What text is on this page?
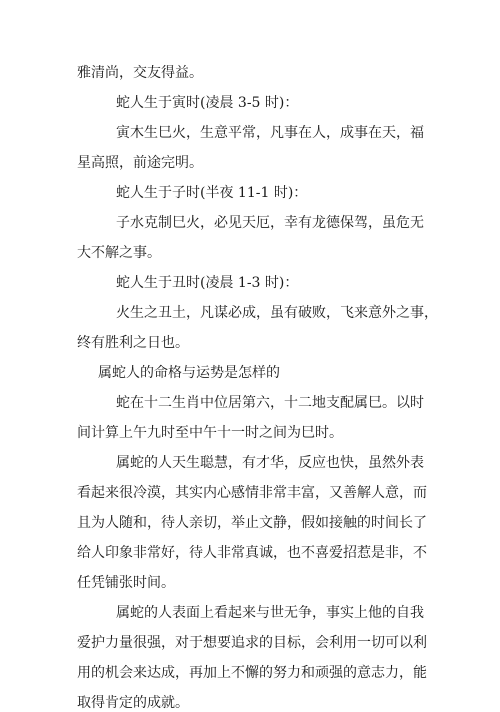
雅清尚，交友得益。
蛇人生于寅时(凌晨 3-5 时)：
寅木生巳火，生意平常，凡事在人，成事在天，福
星高照，前途完明。
蛇人生于子时(半夜 11-1 时)：
子水克制巳火，必见天厄，幸有龙德保驾，虽危无
大不解之事。
蛇人生于丑时(凌晨 1-3 时)：
火生之丑土，凡谋必成，虽有破败，飞来意外之事，
终有胜利之日也。
属蛇人的命格与运势是怎样的
蛇在十二生肖中位居第六，十二地支配属巳。以时
间计算上午九时至中午十一时之间为巳时。
属蛇的人天生聪慧，有才华，反应也快，虽然外表
看起来很冷漠，其实内心感情非常丰富，又善解人意，而
且为人随和，待人亲切，举止文静，假如接触的时间长了
给人印象非常好，待人非常真诚，也不喜爱招惹是非，不
任凭铺张时间。
属蛇的人表面上看起来与世无争，事实上他的自我
爱护力量很强，对于想要追求的目标，会利用一切可以利
用的机会来达成，再加上不懈的努力和顽强的意志力，能
取得肯定的成就。
